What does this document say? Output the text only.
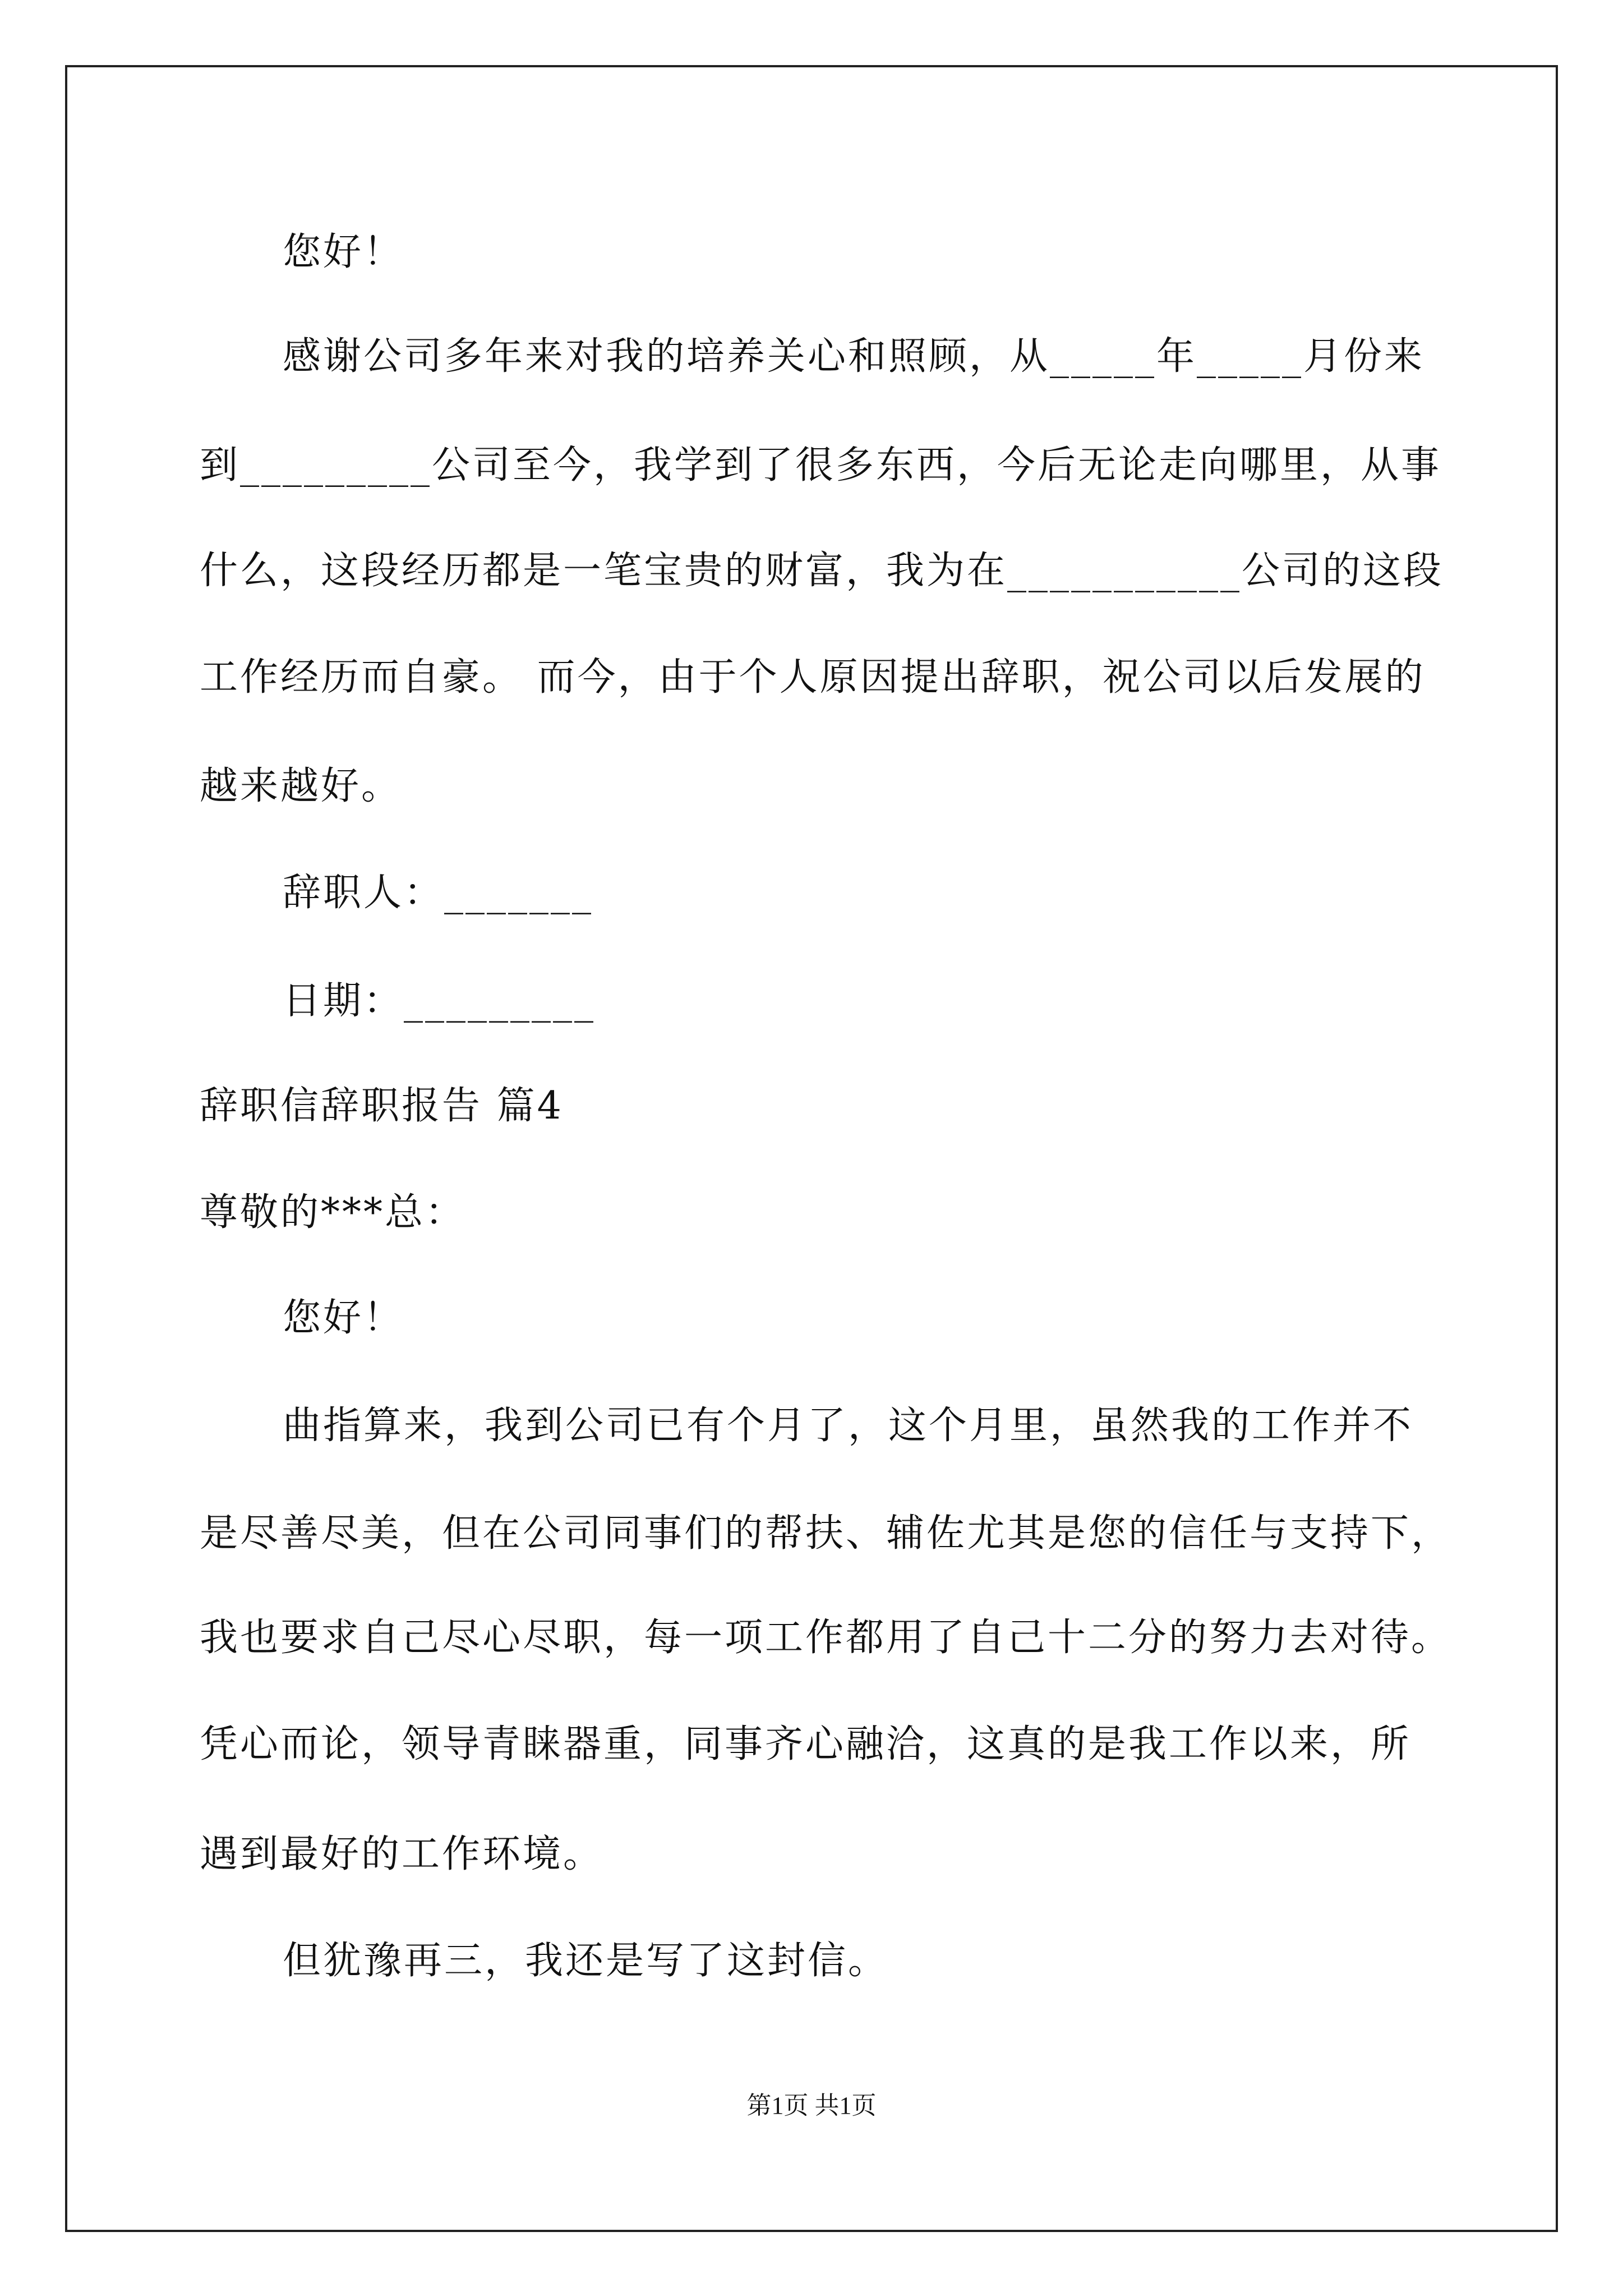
您好！
感谢公司多年来对我的培养关心和照顾，从_____年_____月份来
到_________公司至今，我学到了很多东西，今后无论走向哪里，从事
什么，这段经历都是一笔宝贵的财富，我为在___________公司的这段
工作经历而自豪。 而今，由于个人原因提出辞职，祝公司以后发展的
越来越好。
辞职人：_______
日期：_________
辞职信辞职报告 篇4
尊敬的***总：
您好！
曲指算来，我到公司已有个月了，这个月里，虽然我的工作并不
是尽善尽美，但在公司同事们的帮扶、辅佐尤其是您的信任与支持下，
我也要求自己尽心尽职，每一项工作都用了自己十二分的努力去对待。
凭心而论，领导青睐器重，同事齐心融洽，这真的是我工作以来，所
遇到最好的工作环境。
但犹豫再三，我还是写了这封信。
第1页 共1页
